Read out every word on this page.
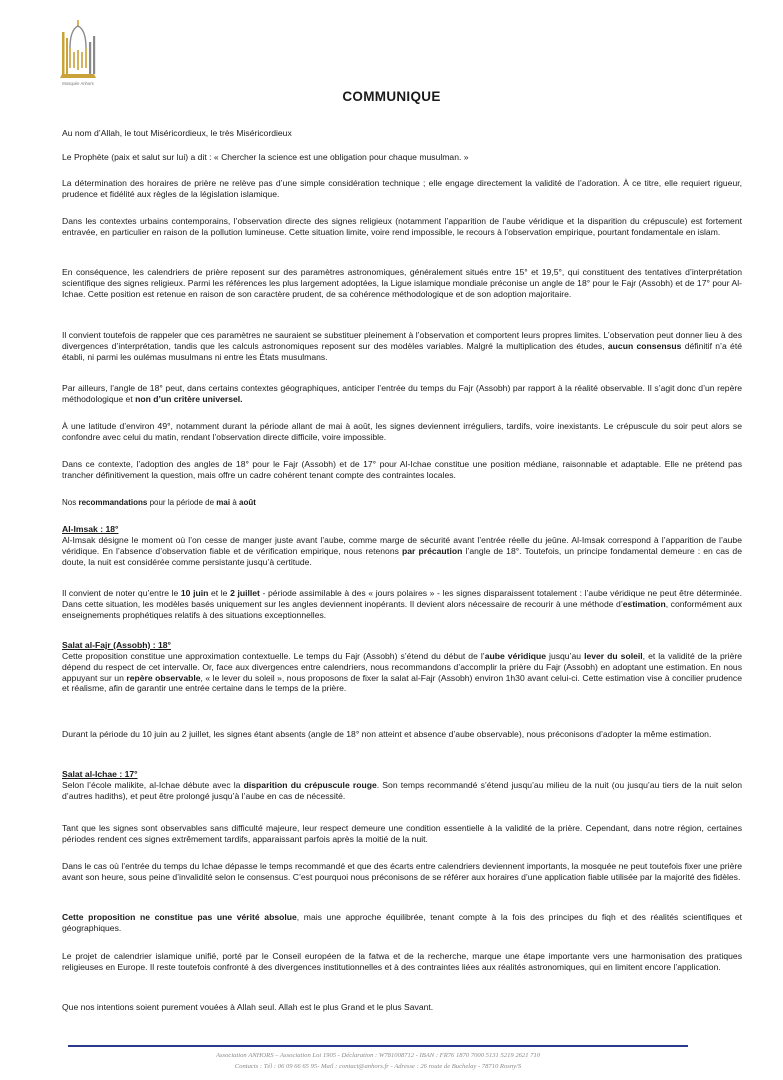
Mosquée Anhors
COMMUNIQUE
Au nom d’Allah, le tout Miséricordieux, le très Miséricordieux
Le Prophète (paix et salut sur lui) a dit : « Chercher la science est une obligation pour chaque musulman. »
La détermination des horaires de prière ne relève pas d’une simple considération technique ; elle engage directement la validité de l’adoration. À ce titre, elle requiert rigueur, prudence et fidélité aux règles de la législation islamique.
Dans les contextes urbains contemporains, l’observation directe des signes religieux (notamment l’apparition de l’aube véridique et la disparition du crépuscule) est fortement entravée, en particulier en raison de la pollution lumineuse. Cette situation limite, voire rend impossible, le recours à l’observation empirique, pourtant fondamentale en islam.
En conséquence, les calendriers de prière reposent sur des paramètres astronomiques, généralement situés entre 15° et 19,5°, qui constituent des tentatives d’interprétation scientifique des signes religieux. Parmi les références les plus largement adoptées, la Ligue islamique mondiale préconise un angle de 18° pour le Fajr (Assobh) et de 17° pour Al-Ichae. Cette position est retenue en raison de son caractère prudent, de sa cohérence méthodologique et de son adoption majoritaire.
Il convient toutefois de rappeler que ces paramètres ne sauraient se substituer pleinement à l’observation et comportent leurs propres limites. L’observation peut donner lieu à des divergences d’interprétation, tandis que les calculs astronomiques reposent sur des modèles variables. Malgré la multiplication des études, aucun consensus définitif n’a été établi, ni parmi les oulémas musulmans ni entre les États musulmans.
Par ailleurs, l’angle de 18° peut, dans certains contextes géographiques, anticiper l’entrée du temps du Fajr (Assobh) par rapport à la réalité observable. Il s’agit donc d’un repère méthodologique et non d’un critère universel.
À une latitude d’environ 49°, notamment durant la période allant de mai à août, les signes deviennent irréguliers, tardifs, voire inexistants. Le crépuscule du soir peut alors se confondre avec celui du matin, rendant l’observation directe difficile, voire impossible.
Dans ce contexte, l’adoption des angles de 18° pour le Fajr (Assobh) et de 17° pour Al-Ichae constitue une position médiane, raisonnable et adaptable. Elle ne prétend pas trancher définitivement la question, mais offre un cadre cohérent tenant compte des contraintes locales.
Nos recommandations pour la période de mai à août
Al-Imsak : 18°
Al-Imsak désigne le moment où l’on cesse de manger juste avant l’aube, comme marge de sécurité avant l’entrée réelle du jeûne. Al-Imsak correspond à l’apparition de l’aube véridique. En l’absence d’observation fiable et de vérification empirique, nous retenons par précaution l’angle de 18°. Toutefois, un principe fondamental demeure : en cas de doute, la nuit est considérée comme persistante jusqu’à certitude.
Il convient de noter qu’entre le 10 juin et le 2 juillet - période assimilable à des « jours polaires » - les signes disparaissent totalement : l’aube véridique ne peut être déterminée. Dans cette situation, les modèles basés uniquement sur les angles deviennent inopérants. Il devient alors nécessaire de recourir à une méthode d’estimation, conformément aux enseignements prophétiques relatifs à des situations exceptionnelles.
Salat al-Fajr (Assobh) : 18°
Cette proposition constitue une approximation contextuelle. Le temps du Fajr (Assobh) s’étend du début de l’aube véridique jusqu’au lever du soleil, et la validité de la prière dépend du respect de cet intervalle. Or, face aux divergences entre calendriers, nous recommandons d’accomplir la prière du Fajr (Assobh) en adoptant une estimation. En nous appuyant sur un repère observable, « le lever du soleil », nous proposons de fixer la salat al-Fajr (Assobh) environ 1h30 avant celui-ci. Cette estimation vise à concilier prudence et réalisme, afin de garantir une entrée certaine dans le temps de la prière.
Durant la période du 10 juin au 2 juillet, les signes étant absents (angle de 18° non atteint et absence d’aube observable), nous préconisons d’adopter la même estimation.
Salat al-Ichae : 17°
Selon l’école malikite, al-Ichae débute avec la disparition du crépuscule rouge. Son temps recommandé s’étend jusqu’au milieu de la nuit (ou jusqu’au tiers de la nuit selon d’autres hadiths), et peut être prolongé jusqu’à l’aube en cas de nécessité.
Tant que les signes sont observables sans difficulté majeure, leur respect demeure une condition essentielle à la validité de la prière. Cependant, dans notre région, certaines périodes rendent ces signes extrêmement tardifs, apparaissant parfois après la moitié de la nuit.
Dans le cas où l’entrée du temps du Ichae dépasse le temps recommandé et que des écarts entre calendriers deviennent importants, la mosquée ne peut toutefois fixer une prière avant son heure, sous peine d’invalidité selon le consensus. C’est pourquoi nous préconisons de se référer aux horaires d’une application fiable utilisée par la majorité des fidèles.
Cette proposition ne constitue pas une vérité absolue, mais une approche équilibrée, tenant compte à la fois des principes du fiqh et des réalités scientifiques et géographiques.
Le projet de calendrier islamique unifié, porté par le Conseil européen de la fatwa et de la recherche, marque une étape importante vers une harmonisation des pratiques religieuses en Europe. Il reste toutefois confronté à des divergences institutionnelles et à des contraintes liées aux réalités astronomiques, qui en limitent encore l’application.
Que nos intentions soient purement vouées à Allah seul. Allah est le plus Grand et le plus Savant.
Association ANHORS – Association Loi 1905 - Déclaration : W781008712 - IBAN : FR76 1870 7000 5131 5219 2621 710
Contacts : Tél : 06 09 66 65 95- Mail : contact@anhors.fr - Adresse : 26 route de Buchelay - 78710 Rosny/S
